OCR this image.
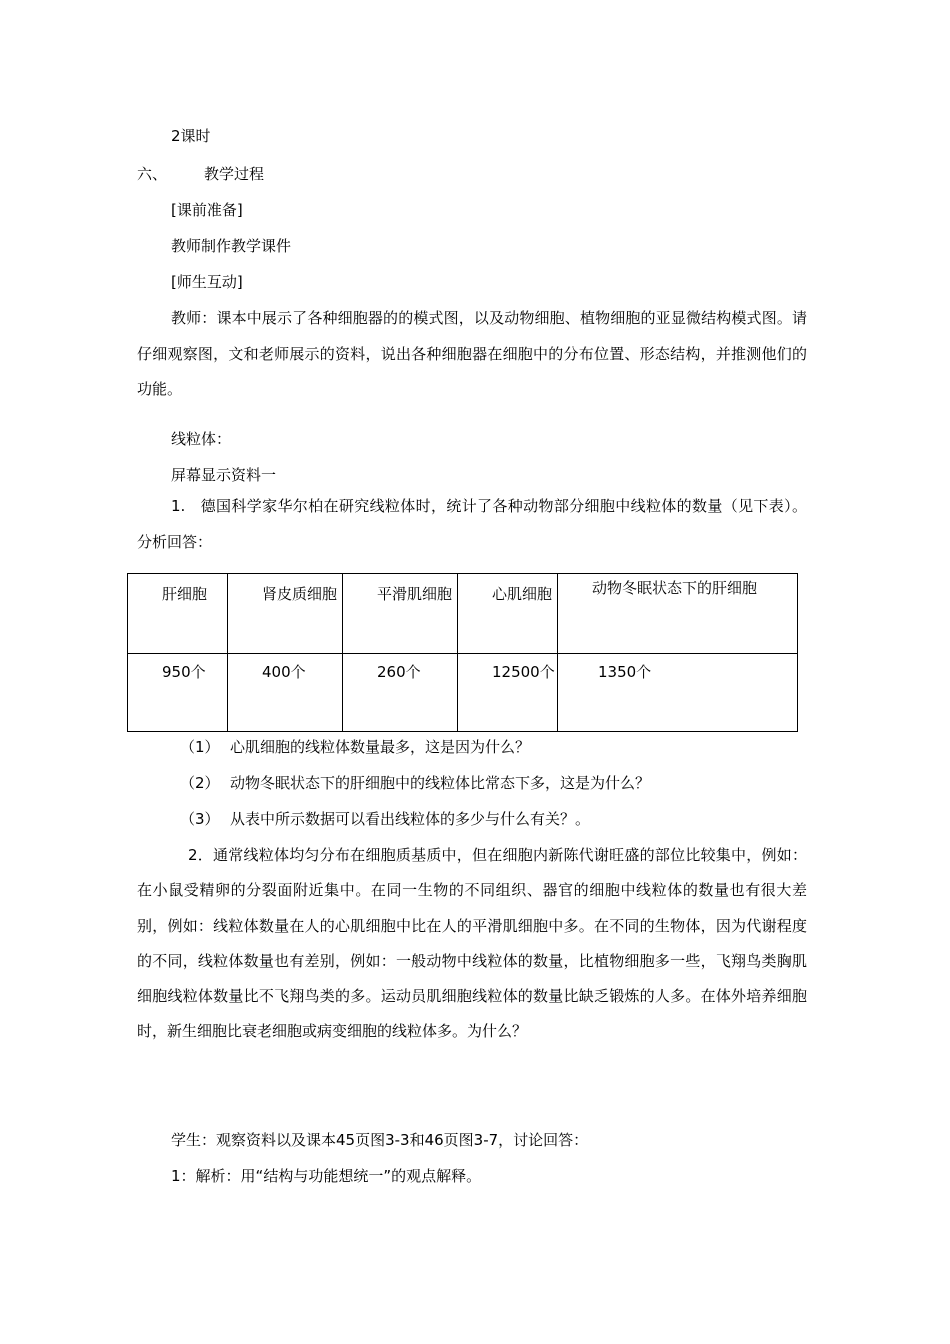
2课时
六、 教学过程
[课前准备]
教师制作教学课件
[师生互动]
教师：课本中展示了各种细胞器的的模式图，以及动物细胞、植物细胞的亚显微结构模式图。请仔细观察图，文和老师展示的资料，说出各种细胞器在细胞中的分布位置、形态结构，并推测他们的功能。
线粒体：
屏幕显示资料一
1.   德国科学家华尔柏在研究线粒体时，统计了各种动物部分细胞中线粒体的数量（见下表）。分析回答：
肝细胞	肾皮质细胞	平滑肌细胞	心肌细胞	动物冬眠状态下的肝细胞
950个	400个	260个	12500个	1350个
（1） 心肌细胞的线粒体数量最多，这是因为什么？
（2） 动物冬眠状态下的肝细胞中的线粒体比常态下多，这是为什么？
（3） 从表中所示数据可以看出线粒体的多少与什么有关？。
2．通常线粒体均匀分布在细胞质基质中，但在细胞内新陈代谢旺盛的部位比较集中，例如：在小鼠受精卵的分裂面附近集中。在同一生物的不同组织、器官的细胞中线粒体的数量也有很大差别，例如：线粒体数量在人的心肌细胞中比在人的平滑肌细胞中多。在不同的生物体，因为代谢程度的不同，线粒体数量也有差别，例如：一般动物中线粒体的数量，比植物细胞多一些，飞翔鸟类胸肌细胞线粒体数量比不飞翔鸟类的多。运动员肌细胞线粒体的数量比缺乏锻炼的人多。在体外培养细胞时，新生细胞比衰老细胞或病变细胞的线粒体多。为什么？
学生：观察资料以及课本45页图3-3和46页图3-7，讨论回答：
1：解析：用“结构与功能想统一”的观点解释。
